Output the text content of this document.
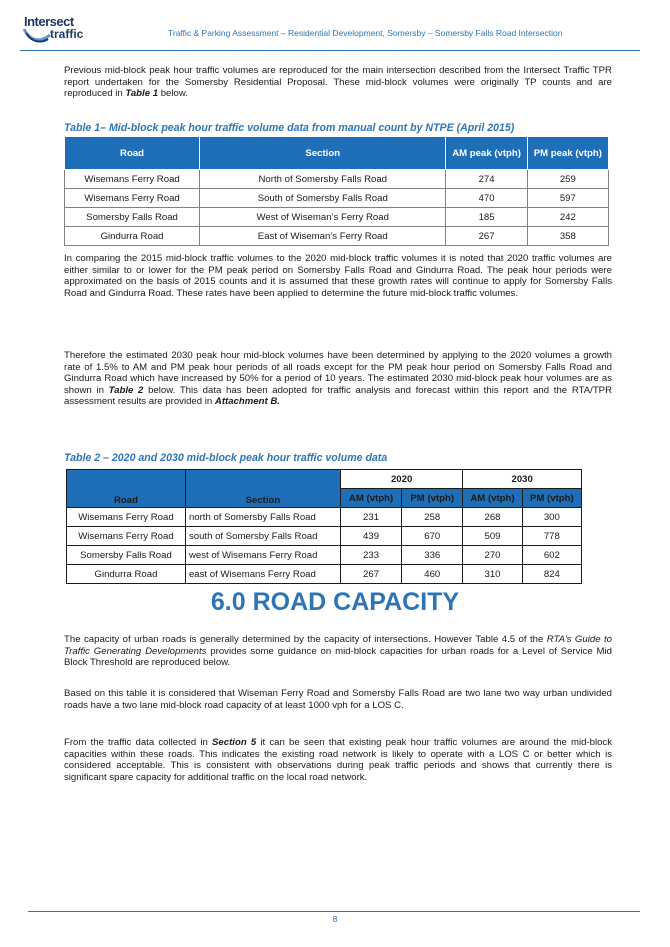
Intersect
traffic	Traffic & Parking Assessment – Residential Development, Somersby – Somersby Falls Road Intersection
Previous mid-block peak hour traffic volumes are reproduced for the main intersection described from the Intersect Traffic TPR report undertaken for the Somersby Residential Proposal. These mid-block volumes were originally TP counts and are reproduced in Table 1 below.
Table 1– Mid-block peak hour traffic volume data from manual count by NTPE (April 2015)
Road	Section	AM peak (vtph)	PM peak (vtph)
Wisemans Ferry Road	North of Somersby Falls Road	274	259
Wisemans Ferry Road	South of Somersby Falls Road	470	597
Somersby Falls Road	West of Wiseman’s Ferry Road	185	242
Gindurra Road	East of Wiseman’s Ferry Road	267	358
In comparing the 2015 mid-block traffic volumes to the 2020 mid-block traffic volumes it is noted that 2020 traffic volumes are either similar to or lower for the PM peak period on Somersby Falls Road and Gindurra Road. The peak hour periods were approximated on the basis of 2015 counts and it is assumed that these growth rates will continue to apply for Somersby Falls Road and Gindurra Road. These rates have been applied to determine the future mid-block traffic volumes.
Therefore the estimated 2030 peak hour mid-block volumes have been determined by applying to the 2020 volumes a growth rate of 1.5% to AM and PM peak hour periods of all roads except for the PM peak hour period on Somersby Falls Road and Gindurra Road which have increased by 50% for a period of 10 years. The estimated 2030 mid-block peak hour volumes are as shown in Table 2 below. This data has been adopted for traffic analysis and forecast within this report and the RTA/TPR assessment results are provided in Attachment B.
Table 2 – 2020 and 2030 mid-block peak hour traffic volume data
Road	Section	2020		2030	
		AM (vtph)	PM (vtph)	AM (vtph)	PM (vtph)
Wisemans Ferry Road	north of Somersby Falls Road	231	258	268	300
Wisemans Ferry Road	south of Somersby Falls Road	439	670	509	778
Somersby Falls Road	west of Wisemans Ferry Road	233	336	270	602
Gindurra Road	east of Wisemans Ferry Road	267	460	310	824
6.0 ROAD CAPACITY
The capacity of urban roads is generally determined by the capacity of intersections. However Table 4.5 of the RTA’s Guide to Traffic Generating Developments provides some guidance on mid-block capacities for urban roads for a Level of Service Mid Block Threshold are reproduced below.
Based on this table it is considered that Wiseman Ferry Road and Somersby Falls Road are two lane two way urban undivided roads have a two lane mid-block road capacity of at least 1000 vph for a LOS C.
From the traffic data collected in Section 5 it can be seen that existing peak hour traffic volumes are around the mid-block capacities within these roads. This indicates the existing road network is likely to operate with a LOS C or better which is considered acceptable. This is consistent with observations during peak traffic periods and shows that currently there is significant spare capacity for additional traffic on the local road network.
8
